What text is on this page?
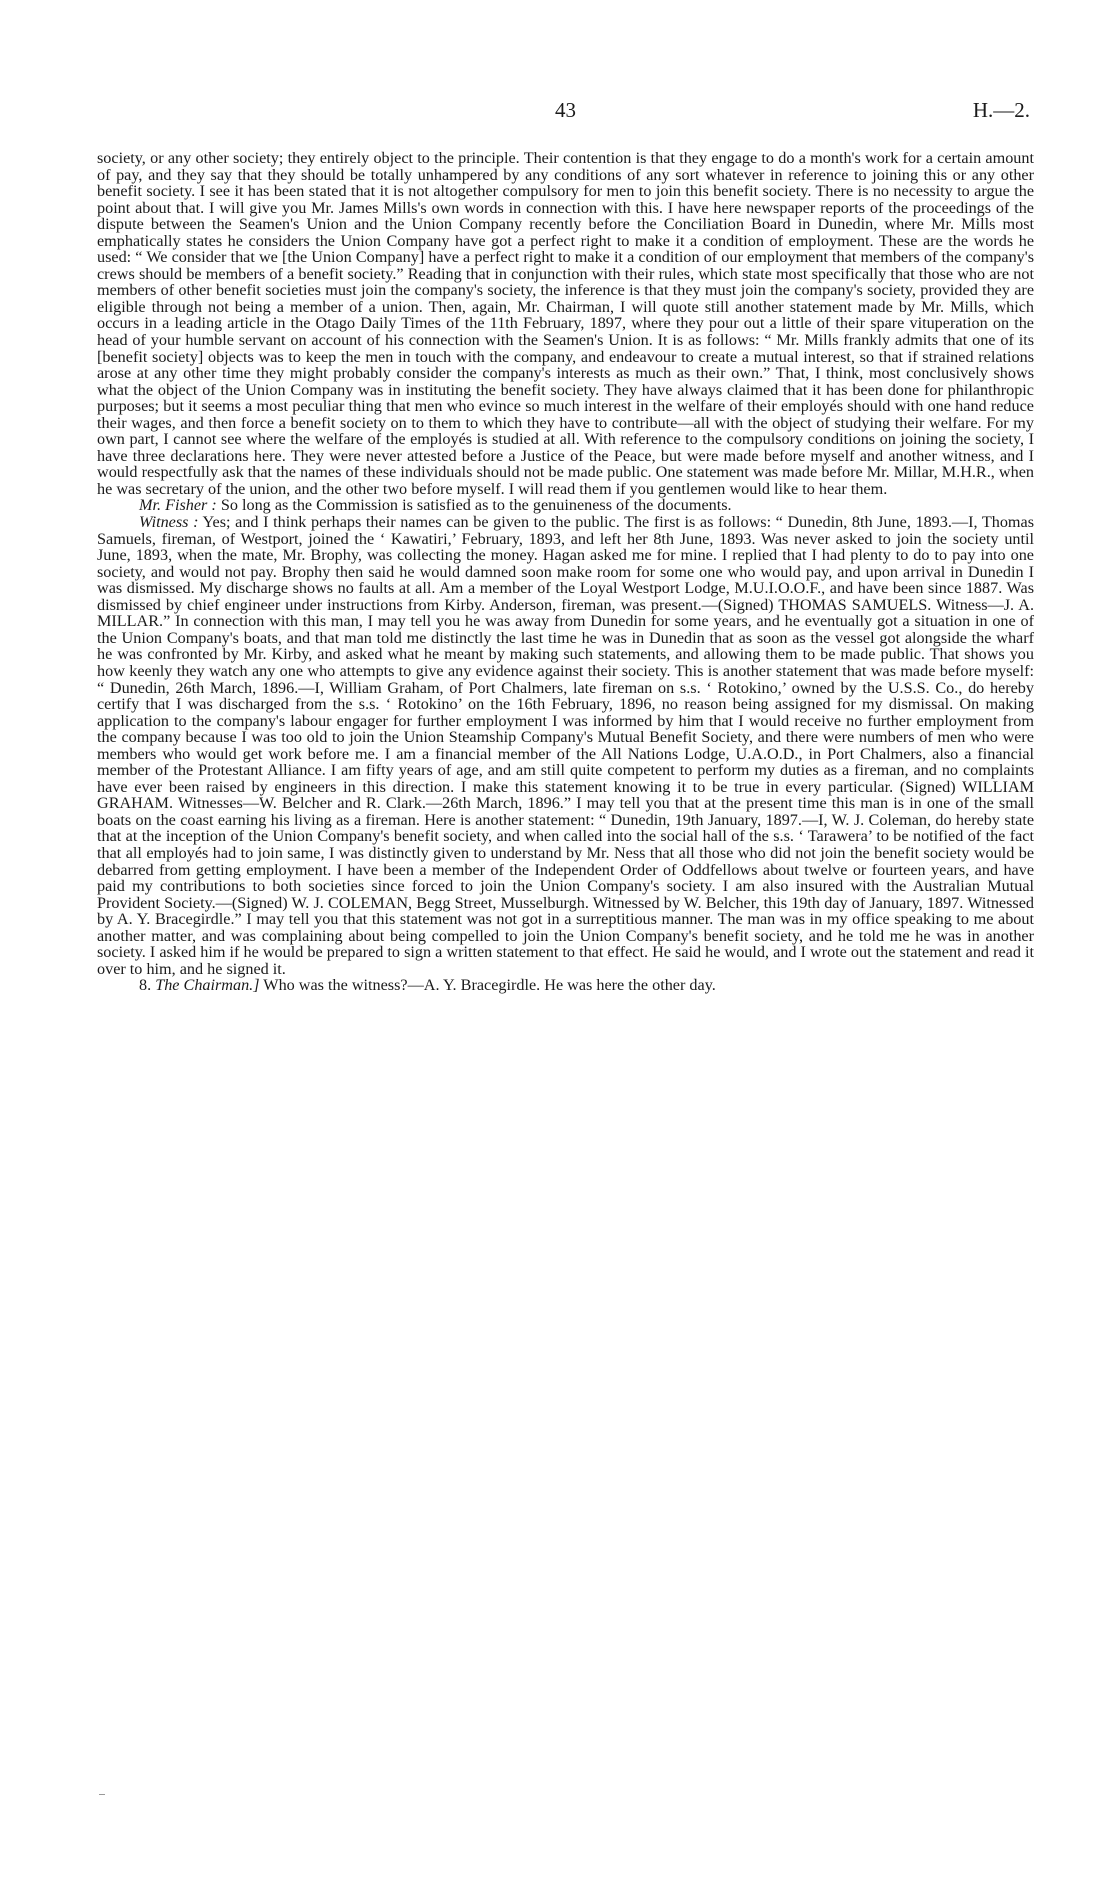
43	H.—2.

society, or any other society; they entirely object to the principle. Their contention is that they engage to do a month's work for a certain amount of pay, and they say that they should be totally unhampered by any conditions of any sort whatever in reference to joining this or any other benefit society. I see it has been stated that it is not altogether compulsory for men to join this benefit society. There is no necessity to argue the point about that. I will give you Mr. James Mills's own words in connection with this. I have here newspaper reports of the proceedings of the dispute between the Seamen's Union and the Union Company recently before the Conciliation Board in Dunedin, where Mr. Mills most emphatically states he considers the Union Company have got a perfect right to make it a condition of employment. These are the words he used: “ We consider that we [the Union Company] have a perfect right to make it a condition of our employment that members of the company's crews should be members of a benefit society.” Reading that in conjunction with their rules, which state most specifically that those who are not members of other benefit societies must join the company's society, the inference is that they must join the company's society, provided they are eligible through not being a member of a union. Then, again, Mr. Chairman, I will quote still another statement made by Mr. Mills, which occurs in a leading article in the Otago Daily Times of the 11th February, 1897, where they pour out a little of their spare vituperation on the head of your humble servant on account of his connection with the Seamen's Union. It is as follows: “ Mr. Mills frankly admits that one of its [benefit society] objects was to keep the men in touch with the company, and endeavour to create a mutual interest, so that if strained relations arose at any other time they might probably consider the company's interests as much as their own.” That, I think, most conclusively shows what the object of the Union Company was in instituting the benefit society. They have always claimed that it has been done for philanthropic purposes; but it seems a most peculiar thing that men who evince so much interest in the welfare of their employés should with one hand reduce their wages, and then force a benefit society on to them to which they have to contribute—all with the object of studying their welfare. For my own part, I cannot see where the welfare of the employés is studied at all. With reference to the compulsory conditions on joining the society, I have three declarations here. They were never attested before a Justice of the Peace, but were made before myself and another witness, and I would respectfully ask that the names of these individuals should not be made public. One statement was made before Mr. Millar, M.H.R., when he was secretary of the union, and the other two before myself. I will read them if you gentlemen would like to hear them.

Mr. Fisher : So long as the Commission is satisfied as to the genuineness of the documents.

Witness : Yes; and I think perhaps their names can be given to the public. The first is as follows: “ Dunedin, 8th June, 1893.—I, Thomas Samuels, fireman, of Westport, joined the ‘ Kawatiri,’ February, 1893, and left her 8th June, 1893. Was never asked to join the society until June, 1893, when the mate, Mr. Brophy, was collecting the money. Hagan asked me for mine. I replied that I had plenty to do to pay into one society, and would not pay. Brophy then said he would damned soon make room for some one who would pay, and upon arrival in Dunedin I was dismissed. My discharge shows no faults at all. Am a member of the Loyal Westport Lodge, M.U.I.O.O.F., and have been since 1887. Was dismissed by chief engineer under instructions from Kirby. Anderson, fireman, was present.—(Signed) THOMAS SAMUELS. Witness—J. A. MILLAR.” In connection with this man, I may tell you he was away from Dunedin for some years, and he eventually got a situation in one of the Union Company's boats, and that man told me distinctly the last time he was in Dunedin that as soon as the vessel got alongside the wharf he was confronted by Mr. Kirby, and asked what he meant by making such statements, and allowing them to be made public. That shows you how keenly they watch any one who attempts to give any evidence against their society. This is another statement that was made before myself: “ Dunedin, 26th March, 1896.—I, William Graham, of Port Chalmers, late fireman on s.s. ‘ Rotokino,’ owned by the U.S.S. Co., do hereby certify that I was discharged from the s.s. ‘ Rotokino’ on the 16th February, 1896, no reason being assigned for my dismissal. On making application to the company's labour engager for further employment I was informed by him that I would receive no further employment from the company because I was too old to join the Union Steamship Company's Mutual Benefit Society, and there were numbers of men who were members who would get work before me. I am a financial member of the All Nations Lodge, U.A.O.D., in Port Chalmers, also a financial member of the Protestant Alliance. I am fifty years of age, and am still quite competent to perform my duties as a fireman, and no complaints have ever been raised by engineers in this direction. I make this statement knowing it to be true in every particular. (Signed) WILLIAM GRAHAM. Witnesses—W. Belcher and R. Clark.—26th March, 1896.” I may tell you that at the present time this man is in one of the small boats on the coast earning his living as a fireman. Here is another statement: “ Dunedin, 19th January, 1897.—I, W. J. Coleman, do hereby state that at the inception of the Union Company's benefit society, and when called into the social hall of the s.s. ‘ Tarawera’ to be notified of the fact that all employés had to join same, I was distinctly given to understand by Mr. Ness that all those who did not join the benefit society would be debarred from getting employment. I have been a member of the Independent Order of Oddfellows about twelve or fourteen years, and have paid my contributions to both societies since forced to join the Union Company's society. I am also insured with the Australian Mutual Provident Society.—(Signed) W. J. COLEMAN, Begg Street, Musselburgh. Witnessed by W. Belcher, this 19th day of January, 1897. Witnessed by A. Y. Bracegirdle.” I may tell you that this statement was not got in a surreptitious manner. The man was in my office speaking to me about another matter, and was complaining about being compelled to join the Union Company's benefit society, and he told me he was in another society. I asked him if he would be prepared to sign a written statement to that effect. He said he would, and I wrote out the statement and read it over to him, and he signed it.

8. The Chairman.] Who was the witness?—A. Y. Bracegirdle. He was here the other day.
